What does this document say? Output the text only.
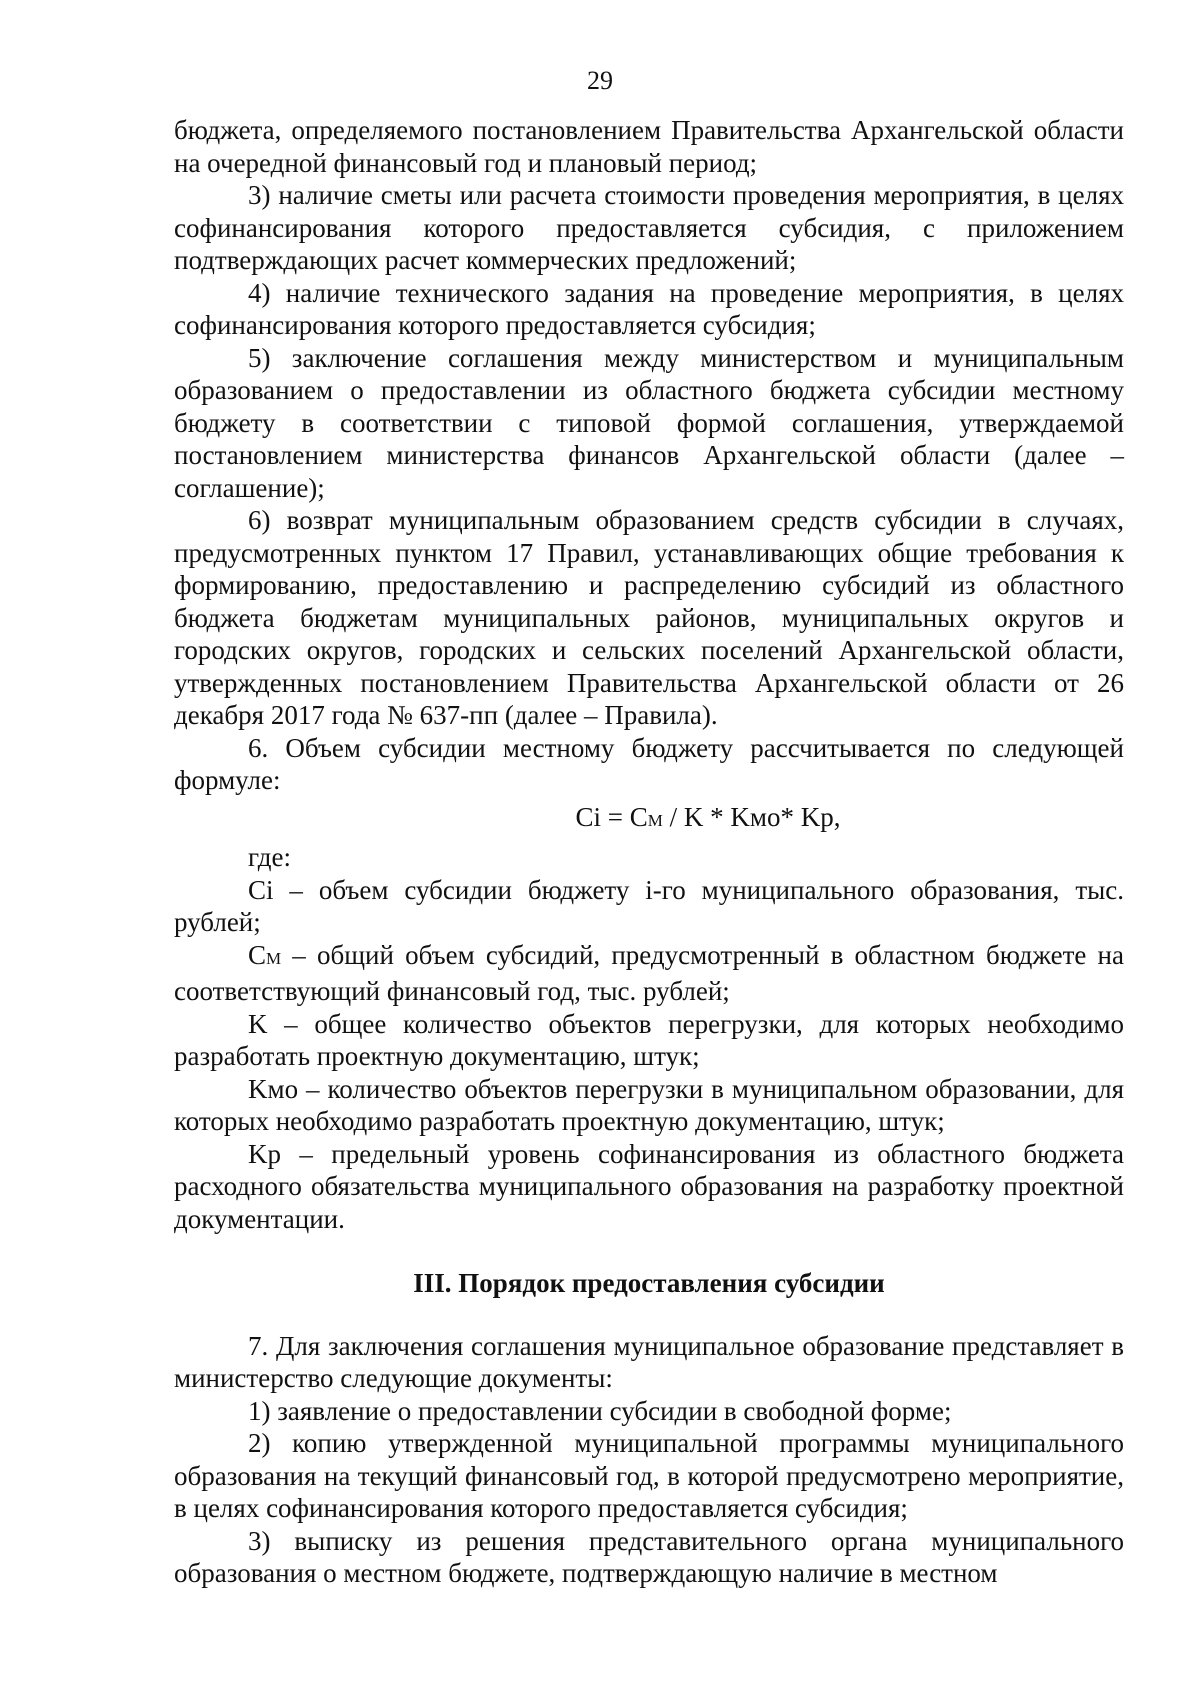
29

бюджета, определяемого постановлением Правительства Архангельской области на очередной финансовый год и плановый период;

3) наличие сметы или расчета стоимости проведения мероприятия, в целях софинансирования которого предоставляется субсидия, с приложением подтверждающих расчет коммерческих предложений;

4) наличие технического задания на проведение мероприятия, в целях софинансирования которого предоставляется субсидия;

5) заключение соглашения между министерством и муниципальным образованием о предоставлении из областного бюджета субсидии местному бюджету в соответствии с типовой формой соглашения, утверждаемой постановлением министерства финансов Архангельской области (далее – соглашение);

6) возврат муниципальным образованием средств субсидии в случаях, предусмотренных пунктом 17 Правил, устанавливающих общие требования к формированию, предоставлению и распределению субсидий из областного бюджета бюджетам муниципальных районов, муниципальных округов и городских округов, городских и сельских поселений Архангельской области, утвержденных постановлением Правительства Архангельской области от 26 декабря 2017 года № 637-пп (далее – Правила).

6. Объем субсидии местному бюджету рассчитывается по следующей формуле:

Ci = CM / K * Kмо* Kр,

где:

Ci – объем субсидии бюджету i-го муниципального образования, тыс. рублей;

CM – общий объем субсидий, предусмотренный в областном бюджете на соответствующий финансовый год, тыс. рублей;

K – общее количество объектов перегрузки, для которых необходимо разработать проектную документацию, штук;

Kмо – количество объектов перегрузки в муниципальном образовании, для которых необходимо разработать проектную документацию, штук;

Kр – предельный уровень софинансирования из областного бюджета расходного обязательства муниципального образования на разработку проектной документации.

III. Порядок предоставления субсидии

7. Для заключения соглашения муниципальное образование представляет в министерство следующие документы:

1) заявление о предоставлении субсидии в свободной форме;

2) копию утвержденной муниципальной программы муниципального образования на текущий финансовый год, в которой предусмотрено мероприятие, в целях софинансирования которого предоставляется субсидия;

3) выписку из решения представительного органа муниципального образования о местном бюджете, подтверждающую наличие в местном
